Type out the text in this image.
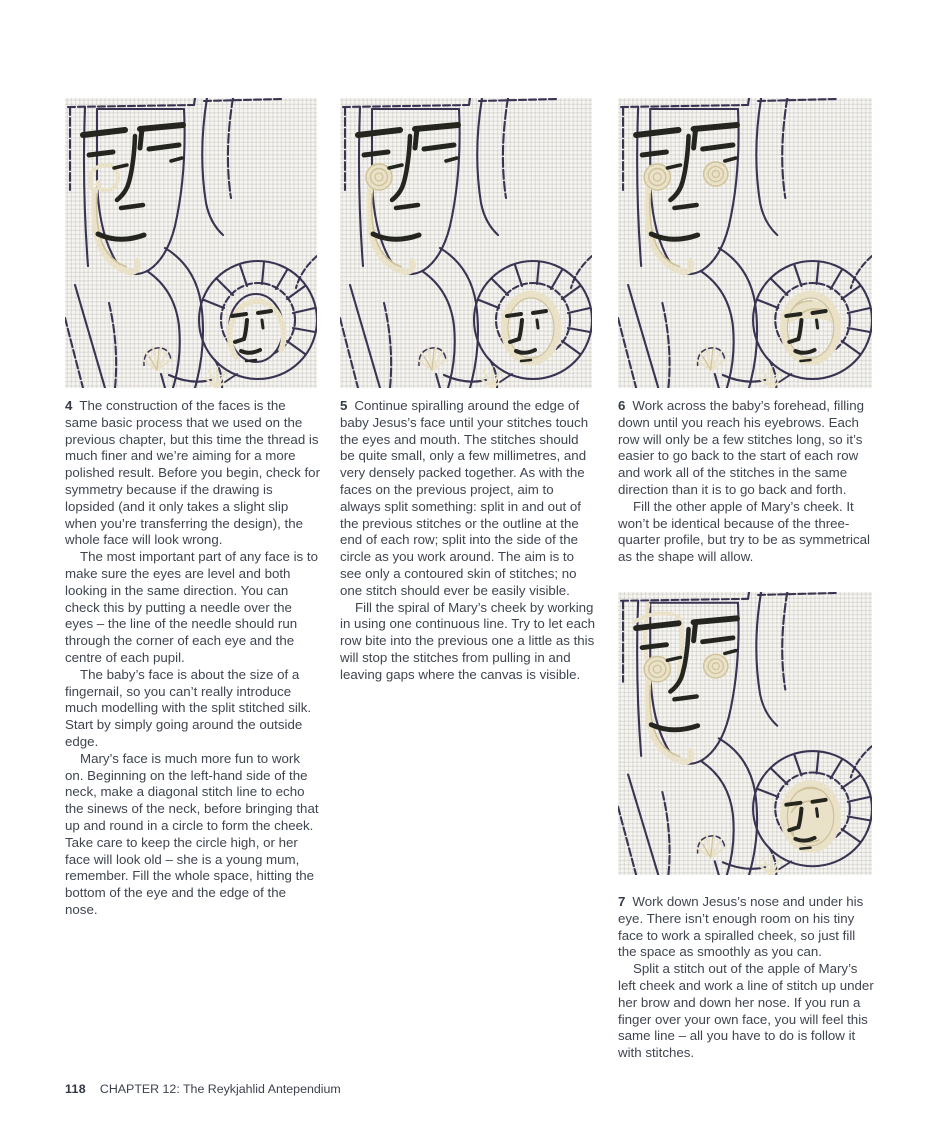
4 The construction of the faces is the same basic process that we used on the previous chapter, but this time the thread is much finer and we’re aiming for a more polished result. Before you begin, check for symmetry because if the drawing is lopsided (and it only takes a slight slip when you’re transferring the design), the whole face will look wrong.

The most important part of any face is to make sure the eyes are level and both looking in the same direction. You can check this by putting a needle over the eyes – the line of the needle should run through the corner of each eye and the centre of each pupil.

The baby’s face is about the size of a fingernail, so you can’t really introduce much modelling with the split stitched silk. Start by simply going around the outside edge.

Mary’s face is much more fun to work on. Beginning on the left-hand side of the neck, make a diagonal stitch line to echo the sinews of the neck, before bringing that up and round in a circle to form the cheek. Take care to keep the circle high, or her face will look old – she is a young mum, remember. Fill the whole space, hitting the bottom of the eye and the edge of the nose.

5 Continue spiralling around the edge of baby Jesus’s face until your stitches touch the eyes and mouth. The stitches should be quite small, only a few millimetres, and very densely packed together. As with the faces on the previous project, aim to always split something: split in and out of the previous stitches or the outline at the end of each row; split into the side of the circle as you work around. The aim is to see only a contoured skin of stitches; no one stitch should ever be easily visible.

Fill the spiral of Mary’s cheek by working in using one continuous line. Try to let each row bite into the previous one a little as this will stop the stitches from pulling in and leaving gaps where the canvas is visible.

6 Work across the baby’s forehead, filling down until you reach his eyebrows. Each row will only be a few stitches long, so it’s easier to go back to the start of each row and work all of the stitches in the same direction than it is to go back and forth.

Fill the other apple of Mary’s cheek. It won’t be identical because of the three-quarter profile, but try to be as symmetrical as the shape will allow.

7 Work down Jesus’s nose and under his eye. There isn’t enough room on his tiny face to work a spiralled cheek, so just fill the space as smoothly as you can.

Split a stitch out of the apple of Mary’s left cheek and work a line of stitch up under her brow and down her nose. If you run a finger over your own face, you will feel this same line – all you have to do is follow it with stitches.

118 CHAPTER 12: The Reykjahlid Antependium
